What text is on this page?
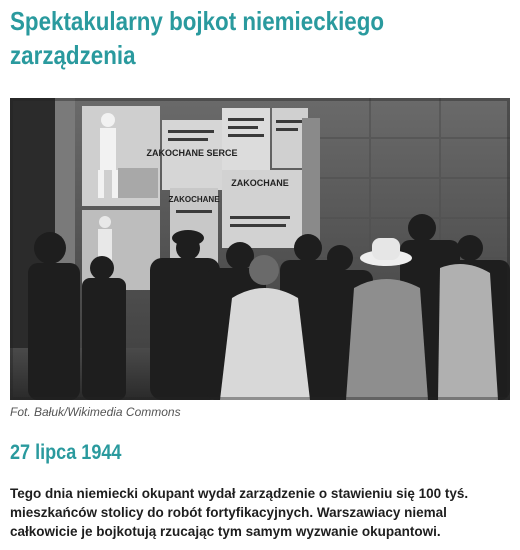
Spektakularny bojkot niemieckiego zarządzenia
ZAKOCHANE SERCE
ZAKOCHANE
ZAKOCHANE

Fot. Bałuk/Wikimedia Commons

27 lipca 1944

Tego dnia niemiecki okupant wydał zarządzenie o stawieniu się 100 tyś. mieszkańców stolicy do robót fortyfikacyjnych. Warszawiacy niemal całkowicie je bojkotują rzucając tym samym wyzwanie okupantowi.
